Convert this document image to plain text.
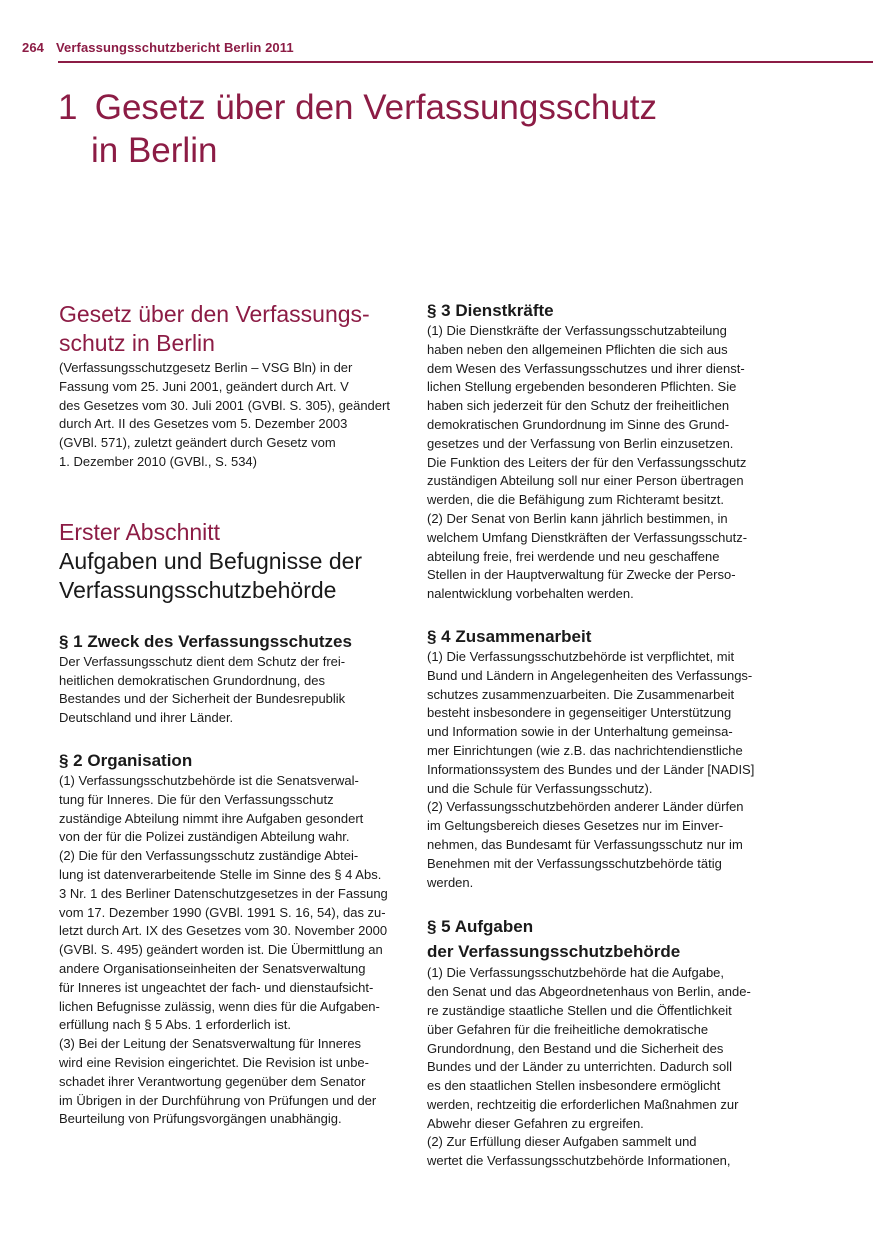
264 Verfassungsschutzbericht Berlin 2011
1 Gesetz über den Verfassungsschutz
in Berlin
Gesetz über den Verfassungs-
schutz in Berlin
(Verfassungsschutzgesetz Berlin – VSG Bln) in der
Fassung vom 25. Juni 2001, geändert durch Art. V
des Gesetzes vom 30. Juli 2001 (GVBl. S. 305), geändert
durch Art. II des Gesetzes vom 5. Dezember 2003
(GVBl. 571), zuletzt geändert durch Gesetz vom
1. Dezember 2010 (GVBl., S. 534)
Erster Abschnitt
Aufgaben und Befugnisse der
Verfassungsschutzbehörde
§ 1 Zweck des Verfassungsschutzes
Der Verfassungsschutz dient dem Schutz der frei-
heitlichen demokratischen Grundordnung, des
Bestandes und der Sicherheit der Bundesrepublik
Deutschland und ihrer Länder.
§ 2 Organisation
(1) Verfassungsschutzbehörde ist die Senatsverwal-
tung für Inneres. Die für den Verfassungsschutz
zuständige Abteilung nimmt ihre Aufgaben gesondert
von der für die Polizei zuständigen Abteilung wahr.
(2) Die für den Verfassungsschutz zuständige Abtei-
lung ist datenverarbeitende Stelle im Sinne des § 4 Abs.
3 Nr. 1 des Berliner Datenschutzgesetzes in der Fassung
vom 17. Dezember 1990 (GVBl. 1991 S. 16, 54), das zu-
letzt durch Art. IX des Gesetzes vom 30. November 2000
(GVBl. S. 495) geändert worden ist. Die Übermittlung an
andere Organisationseinheiten der Senatsverwaltung
für Inneres ist ungeachtet der fach- und dienstaufsicht-
lichen Befugnisse zulässig, wenn dies für die Aufgaben-
erfüllung nach § 5 Abs. 1 erforderlich ist.
(3) Bei der Leitung der Senatsverwaltung für Inneres
wird eine Revision eingerichtet. Die Revision ist unbe-
schadet ihrer Verantwortung gegenüber dem Senator
im Übrigen in der Durchführung von Prüfungen und der
Beurteilung von Prüfungsvorgängen unabhängig.
§ 3 Dienstkräfte
(1) Die Dienstkräfte der Verfassungsschutzabteilung
haben neben den allgemeinen Pflichten die sich aus
dem Wesen des Verfassungsschutzes und ihrer dienst-
lichen Stellung ergebenden besonderen Pflichten. Sie
haben sich jederzeit für den Schutz der freiheitlichen
demokratischen Grundordnung im Sinne des Grund-
gesetzes und der Verfassung von Berlin einzusetzen.
Die Funktion des Leiters der für den Verfassungsschutz
zuständigen Abteilung soll nur einer Person übertragen
werden, die die Befähigung zum Richteramt besitzt.
(2) Der Senat von Berlin kann jährlich bestimmen, in
welchem Umfang Dienstkräften der Verfassungsschutz-
abteilung freie, frei werdende und neu geschaffene
Stellen in der Hauptverwaltung für Zwecke der Perso-
nalentwicklung vorbehalten werden.
§ 4 Zusammenarbeit
(1) Die Verfassungsschutzbehörde ist verpflichtet, mit
Bund und Ländern in Angelegenheiten des Verfassungs-
schutzes zusammenzuarbeiten. Die Zusammenarbeit
besteht insbesondere in gegenseitiger Unterstützung
und Information sowie in der Unterhaltung gemeinsa-
mer Einrichtungen (wie z.B. das nachrichtendienstliche
Informationssystem des Bundes und der Länder [NADIS]
und die Schule für Verfassungsschutz).
(2) Verfassungsschutzbehörden anderer Länder dürfen
im Geltungsbereich dieses Gesetzes nur im Einver-
nehmen, das Bundesamt für Verfassungsschutz nur im
Benehmen mit der Verfassungsschutzbehörde tätig
werden.
§ 5 Aufgaben
der Verfassungsschutzbehörde
(1) Die Verfassungsschutzbehörde hat die Aufgabe,
den Senat und das Abgeordnetenhaus von Berlin, ande-
re zuständige staatliche Stellen und die Öffentlichkeit
über Gefahren für die freiheitliche demokratische
Grundordnung, den Bestand und die Sicherheit des
Bundes und der Länder zu unterrichten. Dadurch soll
es den staatlichen Stellen insbesondere ermöglicht
werden, rechtzeitig die erforderlichen Maßnahmen zur
Abwehr dieser Gefahren zu ergreifen.
(2) Zur Erfüllung dieser Aufgaben sammelt und
wertet die Verfassungsschutzbehörde Informationen,
